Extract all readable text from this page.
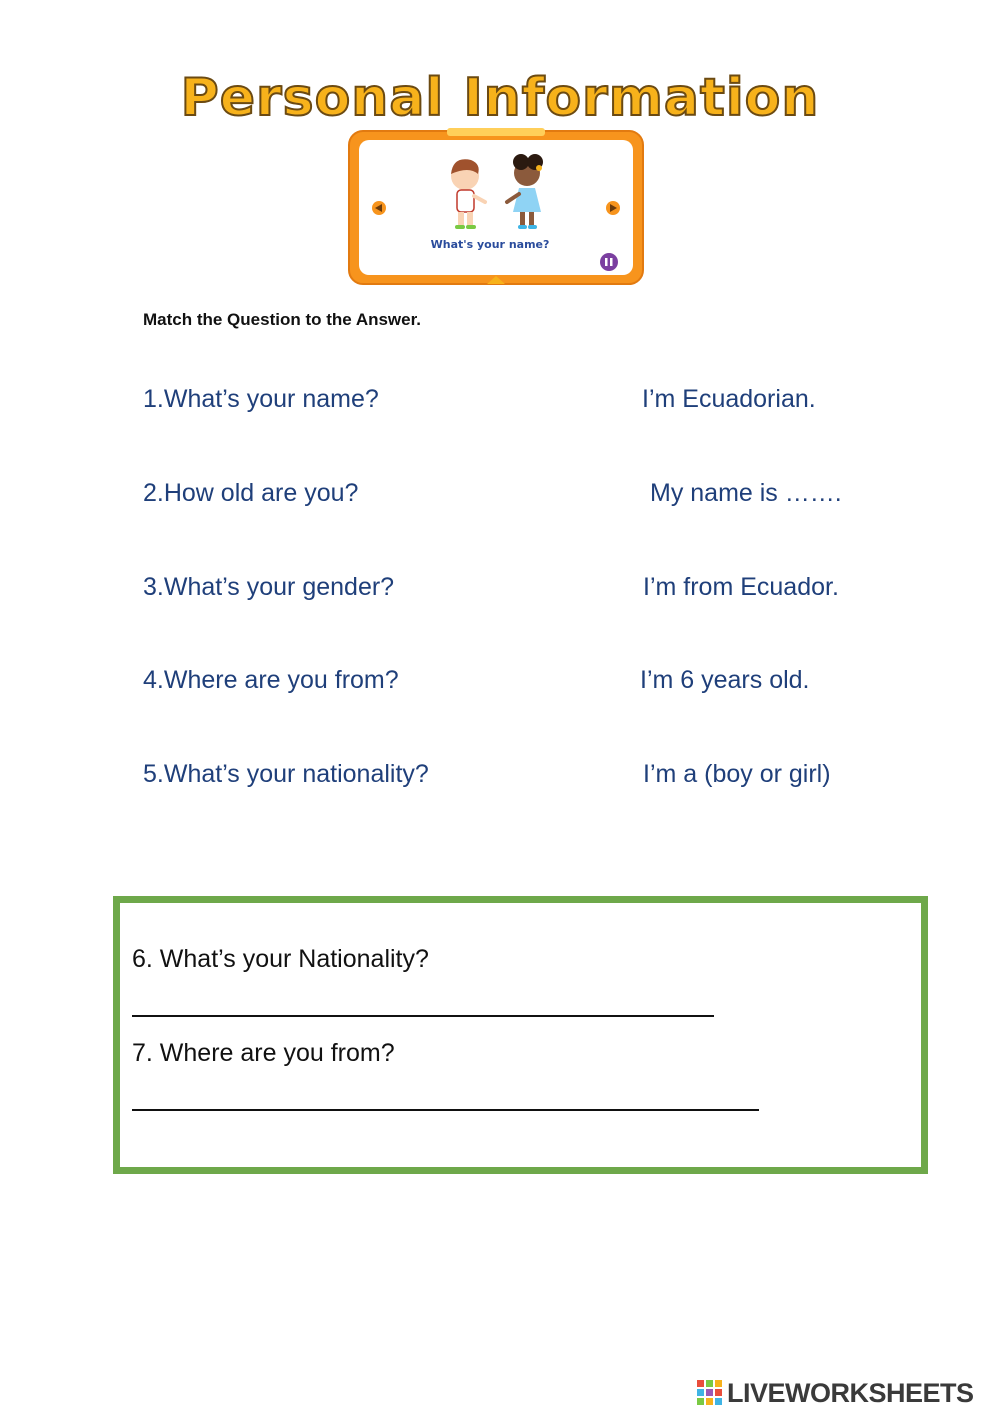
Personal Information
What's your name?
Match the Question to the Answer.
1.What’s your name?
2.How old are you?
3.What’s your gender?
4.Where are you from?
5.What’s your nationality?
I’m Ecuadorian.
My name is …….
I’m from Ecuador.
I’m 6 years old.
I’m a (boy or girl)
6. What’s your Nationality?
7. Where are you from?
LIVEWORKSHEETS
